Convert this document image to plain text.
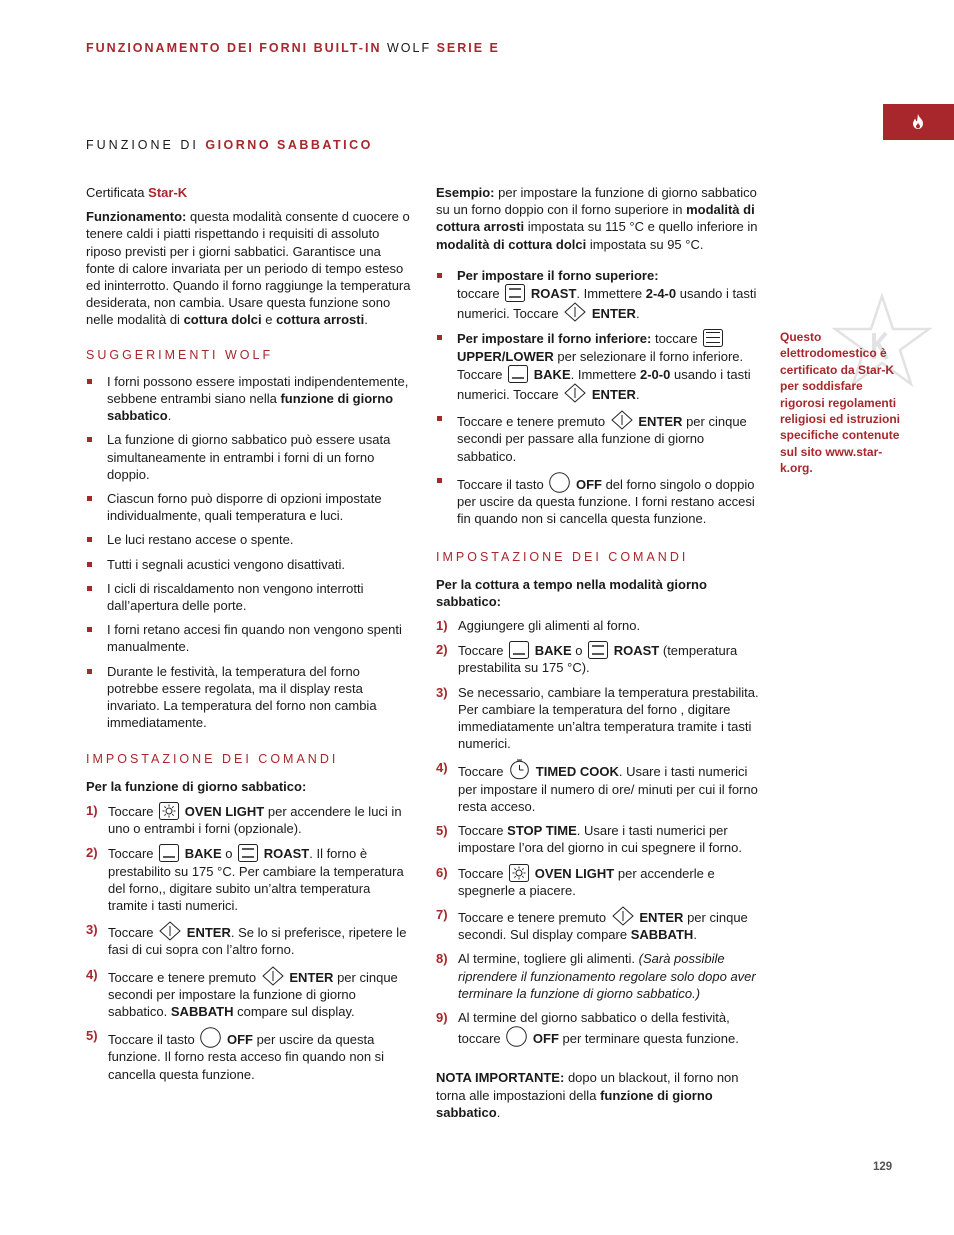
FUNZIONAMENTO DEI FORNI BUILT-IN WOLF SERIE E
FUNZIONE DI GIORNO SABBATICO

Certificata Star-K

Funzionamento: questa modalità consente d cuocere o tenere caldi i piatti rispettando i requisiti di assoluto riposo previsti per i giorni sabbatici. Garantisce una fonte di calore invariata per un periodo di tempo esteso ed ininterrotto. Quando il forno raggiunge la temperatura desiderata, non cambia. Usare questa funzione sono nelle modalità di cottura dolci e cottura arrosti.

SUGGERIMENTI WOLF
I forni possono essere impostati indipendentemente, sebbene entrambi siano nella funzione di giorno sabbatico.
La funzione di giorno sabbatico può essere usata simultaneamente in entrambi i forni di un forno doppio.
Ciascun forno può disporre di opzioni impostate individualmente, quali temperatura e luci.
Le luci restano accese o spente.
Tutti i segnali acustici vengono disattivati.
I cicli di riscaldamento non vengono interrotti dall’apertura delle porte.
I forni retano accesi fin quando non vengono spenti manualmente.
Durante le festività, la temperatura del forno potrebbe essere regolata, ma il display resta invariato. La temperatura del forno non cambia immediatamente.
IMPOSTAZIONE DEI COMANDI

Per la funzione di giorno sabbatico:

1) Toccare OVEN LIGHT per accendere le luci in uno o entrambi i forni (opzionale).
2) Toccare BAKE o ROAST. Il forno è prestabilito su 175 °C. Per cambiare la temperatura del forno,, digitare subito un’altra temperatura tramite i tasti numerici.
3) Toccare	ENTER. Se lo si preferisce, ripetere le fasi di cui sopra con l’altro forno.
4) Toccare e tenere premuto	ENTER per cinque secondi per impostare la funzione di giorno sabbatico. SABBATH compare sul display.
5) Toccare il tasto OFF per uscire da questa funzione. Il forno resta acceso fin quando non si cancella questa funzione.

Esempio: per impostare la funzione di giorno sabbatico su un forno doppio con il forno superiore in modalità di cottura arrosti impostata su 115 °C e quello inferiore in modalità di cottura dolci impostata su 95 °C.

Per impostare il forno superiore:
toccare ROAST. Immettere 2-4-0 usando i tasti numerici. Toccare	ENTER.
Per impostare il forno inferiore: toccare  UPPER/LOWER per selezionare il forno inferiore. Toccare BAKE. Immettere 2-0-0 usando i tasti numerici. Toccare	ENTER.
Toccare e tenere premuto	ENTER per cinque secondi per passare alla funzione di giorno sabbatico.
Toccare il tasto OFF del forno singolo o doppio per uscire da questa funzione. I forni restano accesi fin quando non si cancella questa funzione.
IMPOSTAZIONE DEI COMANDI

Per la cottura a tempo nella modalità giorno sabbatico:

1) Aggiungere gli alimenti al forno.
2) Toccare BAKE o ROAST (temperatura prestabilita su 175 °C).
3) Se necessario, cambiare la temperatura prestabilita. Per cambiare la temperatura del forno , digitare immediatamente un’altra temperatura tramite i tasti numerici.
4) Toccare TIMED COOK. Usare i tasti numerici per impostare il numero di ore/ minuti per cui il forno resta acceso.
5) Toccare STOP TIME. Usare i tasti numerici per impostare l’ora del giorno in cui spegnere il forno.
6) Toccare OVEN LIGHT per accenderle e spegnerle a piacere.
7) Toccare e tenere premuto	ENTER per cinque secondi. Sul display compare SABBATH.
8) Al termine, togliere gli alimenti. (Sarà possibile riprendere il funzionamento regolare solo dopo aver terminare la funzione di giorno sabbatico.)
9) Al termine del giorno sabbatico o della festività, toccare OFF per terminare questa funzione.

NOTA IMPORTANTE: dopo un blackout, il forno non torna alle impostazioni della funzione di giorno sabbatico.

Questo elettrodomestico è certificato da Star-K per soddisfare rigorosi regolamenti religiosi ed istruzioni specifiche contenute sul sito www.star-k.org.
129
